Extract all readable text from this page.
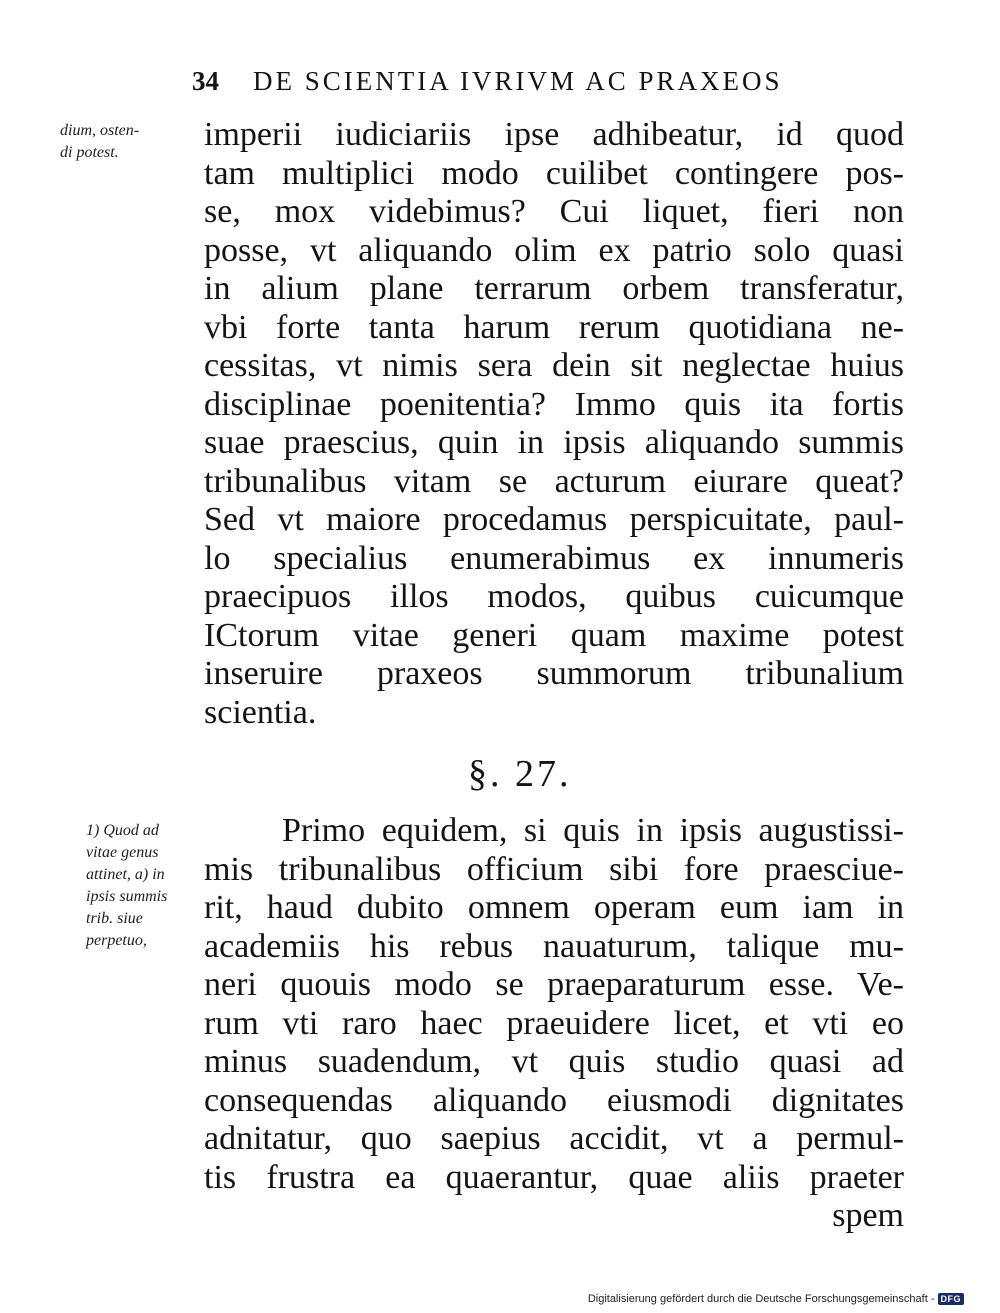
34 DE SCIENTIA IVRIVM AC PRAXEOS
dium, osten-
di potest.	imperii iudiciariis ipse adhibeatur, id quod
tam multiplici modo cuilibet contingere pos-
se, mox videbimus? Cui liquet, fieri non
posse, vt aliquando olim ex patrio solo quasi
in alium plane terrarum orbem transferatur,
vbi forte tanta harum rerum quotidiana ne-
cessitas, vt nimis sera dein sit neglectae huius
disciplinae poenitentia? Immo quis ita fortis
suae praescius, quin in ipsis aliquando summis
tribunalibus vitam se acturum eiurare queat?
Sed vt maiore procedamus perspicuitate, paul-
lo specialius enumerabimus ex innumeris
praecipuos illos modos, quibus cuicumque
ICtorum vitae generi quam maxime potest
inseruire praxeos summorum tribunalium
scientia.
§. 27.
1) Quod ad
vitae genus
attinet, a) in
ipsis summis
trib. siue
perpetuo,
Primo equidem, si quis in ipsis augustissi-
mis tribunalibus officium sibi fore praesciue-
rit, haud dubito omnem operam eum iam in
academiis his rebus nauaturum, talique mu-
neri quouis modo se praeparaturum esse. Ve-
rum vti raro haec praeuidere licet, et vti eo
minus suadendum, vt quis studio quasi ad
consequendas aliquando eiusmodi dignitates
adnitatur, quo saepius accidit, vt a permul-
tis frustra ea quaerantur, quae aliis praeter
spem
Digitalisierung gefördert durch die Deutsche Forschungsgemeinschaft - DFG
